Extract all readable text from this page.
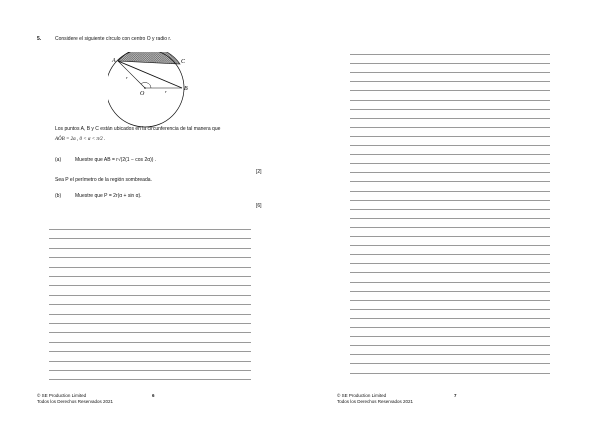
5.	Considere el siguiente círculo con centro O y radio r.
A	C
B
O
r
r
Los puntos A, B y C están ubicados en la circunferencia de tal manera que
AÔB = 2α , 0 < α < π/2 .
(a)	Muestre que AB = r√(2(1 − cos 2α)) .
[2]
Sea P el perímetro de la región sombreada.
(b)	Muestre que P = 2r(α + sin α).
[6]
© SE Production Limited
Todos los Derechos Reservados 2021
6	© SE Production Limited
Todos los Derechos Reservados 2021
7
